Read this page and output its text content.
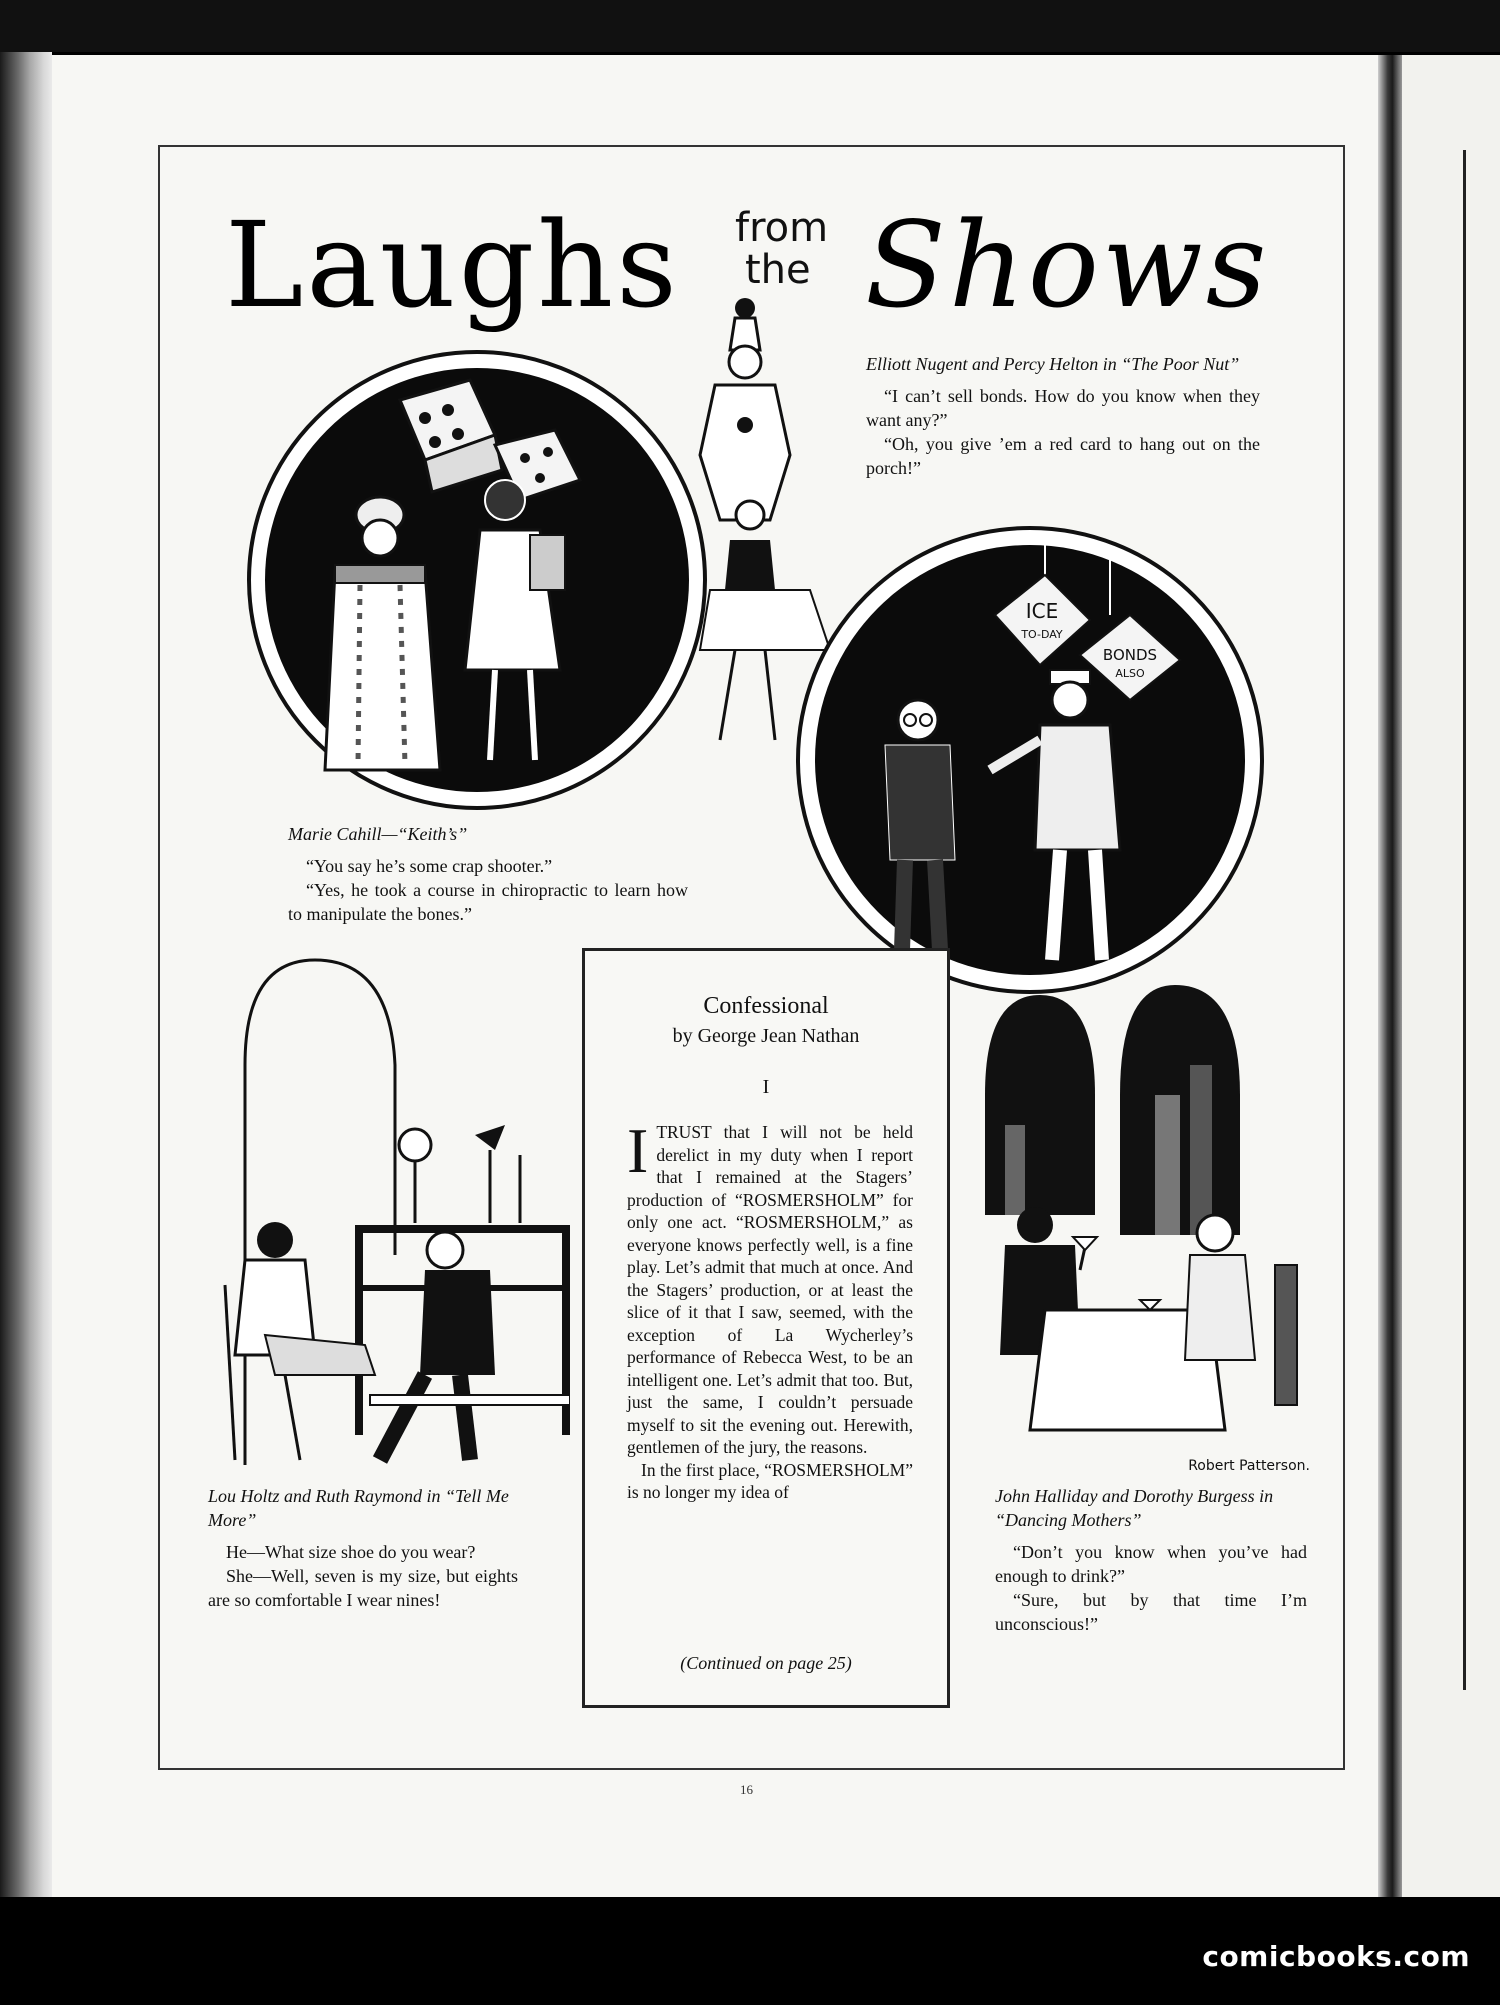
Laughs from
the Shows
Elliott Nugent and Percy Helton in “The Poor Nut”

“I can’t sell bonds. How do you know when they want any?”

“Oh, you give ’em a red card to hang out on the porch!”

ICE
TO-DAY
BONDS
ALSO
Marie Cahill—“Keith’s”

“You say he’s some crap shooter.”

“Yes, he took a course in chiropractic to learn how to manipulate the bones.”

Lou Holtz and Ruth Raymond in “Tell Me More”

He—What size shoe do you wear?

She—Well, seven is my size, but eights are so comfortable I wear nines!

Confessional
by George Jean Nathan
I
I TRUST that I will not be held derelict in my duty when I report that I remained at the Stagers’ production of “ROSMERSHOLM” for only one act. “ROSMERSHOLM,” as everyone knows perfectly well, is a fine play. Let’s admit that much at once. And the Stagers’ production, or at least the slice of it that I saw, seemed, with the exception of La Wycherley’s performance of Rebecca West, to be an intelligent one. Let’s admit that too. But, just the same, I couldn’t persuade myself to sit the evening out. Herewith, gentlemen of the jury, the reasons.

In the first place, “ROSMERSHOLM” is no longer my idea of

(Continued on page 25)
Robert Patterson.
John Halliday and Dorothy Burgess in “Dancing Mothers”

“Don’t you know when you’ve had enough to drink?”

“Sure, but by that time I’m unconscious!”

16
comicbooks.com
